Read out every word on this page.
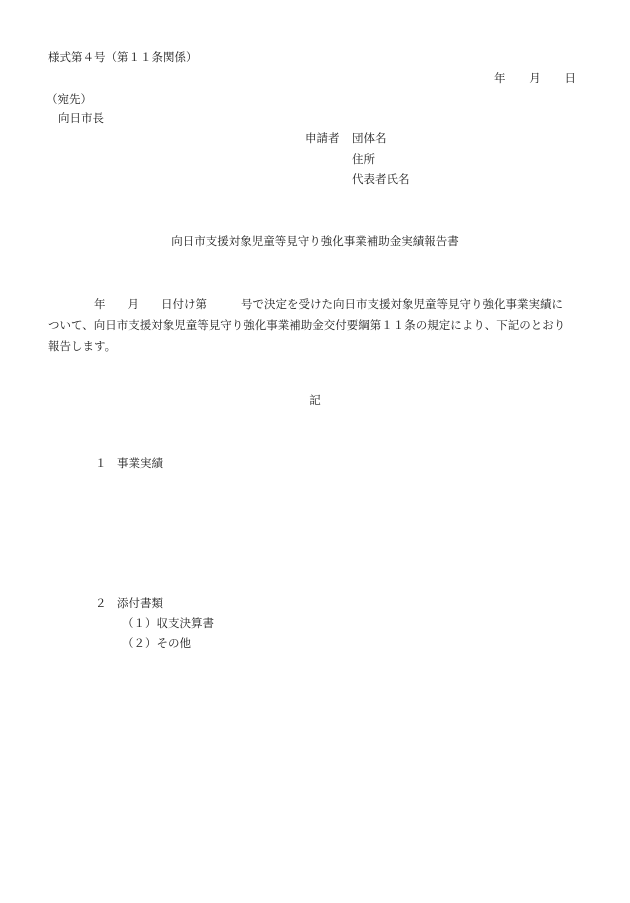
様式第４号（第１１条関係）
年 月 日
（宛先）
向日市長
申請者 団体名
住所
代表者氏名
向日市支援対象児童等見守り強化事業補助金実績報告書
年 月 日付け第	号で決定を受けた向日市支援対象児童等見守り強化事業実績に
ついて、向日市支援対象児童等見守り強化事業補助金交付要綱第１１条の規定により、下記のとおり
報告します。
記
１ 事業実績
２ 添付書類
（１）収支決算書
（２）その他
